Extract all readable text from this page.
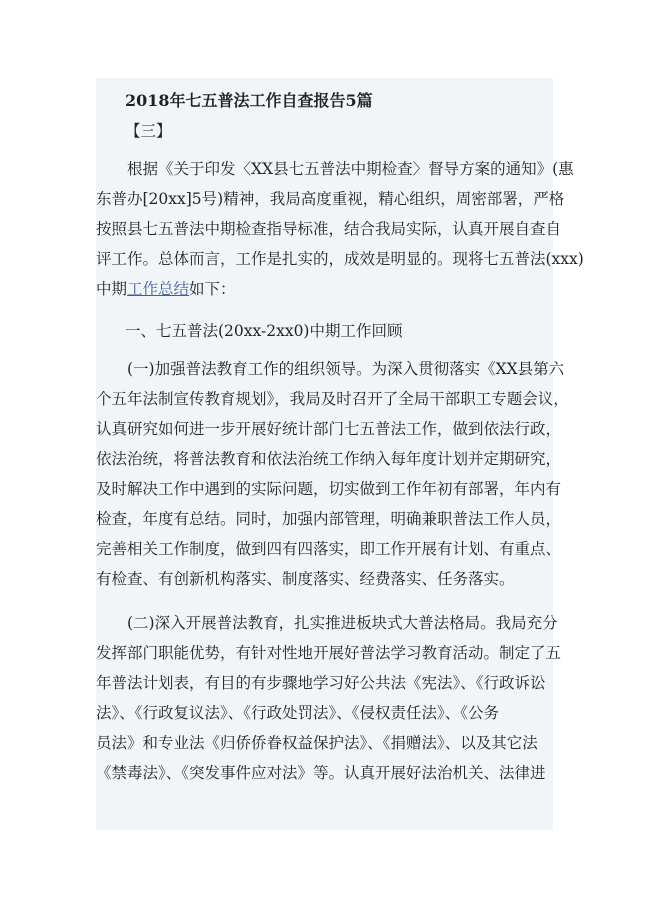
2018年七五普法工作自查报告5篇
【三】
根据《关于印发〈XX县七五普法中期检查〉督导方案的通知》(惠
东普办[20xx]5号)精神，我局高度重视，精心组织，周密部署，严格
按照县七五普法中期检查指导标准，结合我局实际，认真开展自查自
评工作。总体而言，工作是扎实的，成效是明显的。现将七五普法(xxx)
中期工作总结如下：
一、七五普法(20xx-2xx0)中期工作回顾
(一)加强普法教育工作的组织领导。为深入贯彻落实《XX县第六
个五年法制宣传教育规划》，我局及时召开了全局干部职工专题会议，
认真研究如何进一步开展好统计部门七五普法工作，做到依法行政，
依法治统，将普法教育和依法治统工作纳入每年度计划并定期研究，
及时解决工作中遇到的实际问题，切实做到工作年初有部署，年内有
检查，年度有总结。同时，加强内部管理，明确兼职普法工作人员，
完善相关工作制度，做到四有四落实，即工作开展有计划、有重点、
有检查、有创新机构落实、制度落实、经费落实、任务落实。
(二)深入开展普法教育，扎实推进板块式大普法格局。我局充分
发挥部门职能优势，有针对性地开展好普法学习教育活动。制定了五
年普法计划表，有目的有步骤地学习好公共法《宪法》、《行政诉讼
法》、《行政复议法》、《行政处罚法》、《侵权责任法》、《公务
员法》和专业法《归侨侨眷权益保护法》、《捐赠法》、以及其它法
《禁毒法》、《突发事件应对法》等。认真开展好法治机关、法律进
